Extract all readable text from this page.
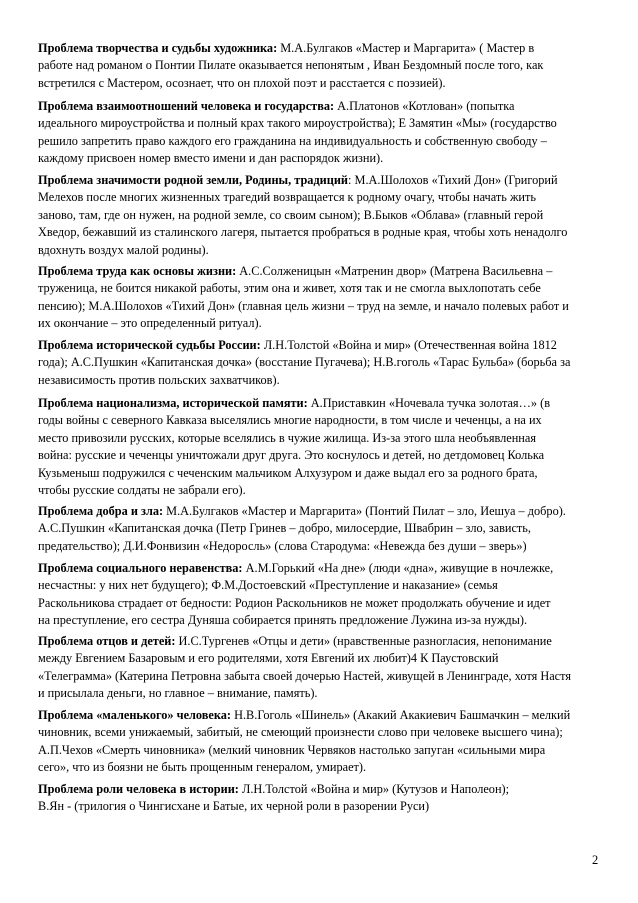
Проблема творчества и судьбы художника: М.А.Булгаков «Мастер и Маргарита» ( Мастер в
работе над романом о Понтии Пилате оказывается непонятым , Иван Бездомный после того, как
встретился с Мастером, осознает, что он плохой поэт и расстается с поэзией).
Проблема взаимоотношений человека и государства: А.Платонов «Котлован» (попытка
идеального мироустройства и полный крах такого мироустройства); Е Замятин «Мы» (государство
решило запретить право каждого его гражданина на индивидуальность и собственную свободу –
каждому присвоен номер вместо имени и дан распорядок жизни).
Проблема значимости родной земли, Родины, традиций: М.А.Шолохов «Тихий Дон» (Григорий
Мелехов после многих жизненных трагедий возвращается к родному очагу, чтобы начать жить
заново, там, где он нужен, на родной земле, со своим сыном); В.Быков «Облава» (главный герой
Хведор, бежавший из сталинского лагеря, пытается пробраться в родные края, чтобы хоть ненадолго
вдохнуть воздух малой родины).
Проблема труда как основы жизни: А.С.Солженицын «Матренин двор» (Матрена Васильевна –
труженица, не боится никакой работы, этим она и живет, хотя так и не смогла выхлопотать себе
пенсию); М.А.Шолохов «Тихий Дон» (главная цель жизни – труд на земле, и начало полевых работ и
их окончание – это определенный ритуал).
Проблема исторической судьбы России: Л.Н.Толстой «Война и мир» (Отечественная война 1812
года); А.С.Пушкин «Капитанская дочка» (восстание Пугачева); Н.В.гоголь «Тарас Бульба» (борьба за
независимость против польских захватчиков).
Проблема национализма, исторической памяти: А.Приставкин «Ночевала тучка золотая…» (в
годы войны с северного Кавказа выселялись многие народности, в том числе и чеченцы, а на их
место привозили русских, которые вселялись в чужие жилища. Из-за этого шла необъявленная
война: русские и чеченцы уничтожали друг друга. Это коснулось и детей, но детдомовец Колька
Кузьменыш подружился с чеченским мальчиком Алхузуром и даже выдал его за родного брата,
чтобы русские солдаты не забрали его).
Проблема добра и зла: М.А.Булгаков «Мастер и Маргарита» (Понтий Пилат – зло, Иешуа – добро).
А.С.Пушкин «Капитанская дочка (Петр Гринев – добро, милосердие, Швабрин – зло, зависть,
предательство); Д.И.Фонвизин «Недоросль» (слова Стародума: «Невежда без души – зверь»)
Проблема социального неравенства: А.М.Горький «На дне» (люди «дна», живущие в ночлежке,
несчастны: у них нет будущего); Ф.М.Достоевский «Преступление и наказание» (семья
Раскольникова страдает от бедности: Родион Раскольников не может продолжать обучение и идет
на преступление, его сестра Дуняша собирается принять предложение Лужина из-за нужды).
Проблема отцов и детей: И.С.Тургенев «Отцы и дети» (нравственные разногласия, непонимание
между Евгением Базаровым и его родителями, хотя Евгений их любит)4 К Паустовский
«Телеграмма» (Катерина Петровна забыта своей дочерью Настей, живущей в Ленинграде, хотя Настя
и присылала деньги, но главное – внимание, память).
Проблема «маленького» человека: Н.В.Гоголь «Шинель» (Акакий Акакиевич Башмачкин – мелкий
чиновник, всеми унижаемый, забитый, не смеющий произнести слово при человеке высшего чина);
А.П.Чехов «Смерть чиновника» (мелкий чиновник Червяков настолько запуган «сильными мира
сего», что из боязни не быть прощенным генералом, умирает).
Проблема роли человека в истории: Л.Н.Толстой «Война и мир» (Кутузов и Наполеон);
В.Ян - (трилогия о Чингисхане и Батые, их черной роли в разорении Руси)
2
